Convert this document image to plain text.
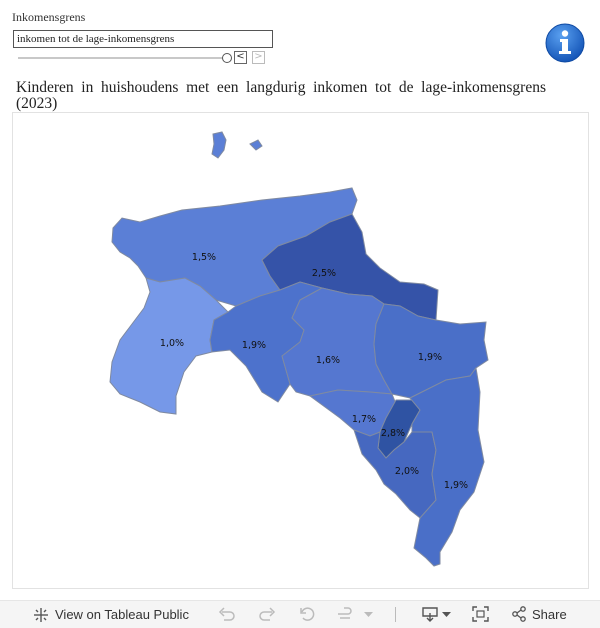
Inkomensgrens
inkomen tot de lage-inkomensgrens
< >
Kinderen in huishoudens met een langdurig inkomen tot de lage-inkomensgrens
(2023)
1,5%
2,5%
1,0%	1,9%
1,6%	1,9%
1,7%
2,8%
2,0%
1,9%
View on Tableau Public	Share
